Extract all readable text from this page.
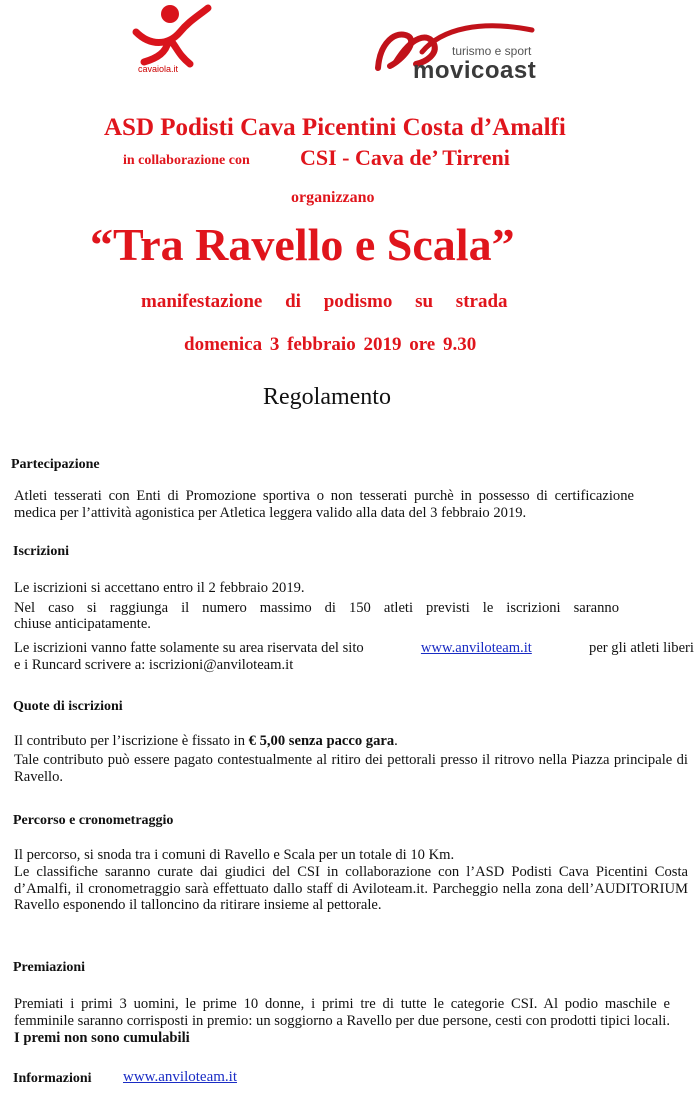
cavaiola.it
turismo e sport
movicoast
ASD Podisti Cava Picentini Costa d’Amalfi
in collaborazione con CSI - Cava de’ Tirreni
organizzano
“Tra Ravello e Scala”
manifestazione di podismo su strada
domenica 3 febbraio 2019 ore 9.30
Regolamento
Partecipazione
Atleti tesserati con Enti di Promozione sportiva o non tesserati purchè in possesso di certificazione medica per l’attività agonistica per Atletica leggera valido alla data del 3 febbraio 2019.
Iscrizioni
Le iscrizioni si accettano entro il 2 febbraio 2019.
Nel caso si raggiunga il numero massimo di 150 atleti previsti le iscrizioni saranno
chiuse anticipatamente.
Le iscrizioni vanno fatte solamente su area riservata del sito	www.anviloteam.it	per gli atleti liberi
e i Runcard scrivere a: iscrizioni@anviloteam.it
Quote di iscrizioni
Il contributo per l’iscrizione è fissato in € 5,00 senza pacco gara.
Tale contributo può essere pagato contestualmente al ritiro dei pettorali presso il ritrovo nella Piazza principale di Ravello.
Percorso e cronometraggio
Il percorso, si snoda tra i comuni di Ravello e Scala per un totale di 10 Km.
Le classifiche saranno curate dai giudici del CSI in collaborazione con l’ASD Podisti Cava Picentini Costa d’Amalfi, il cronometraggio sarà effettuato dallo staff di Aviloteam.it. Parcheggio nella zona dell’AUDITORIUM Ravello esponendo il talloncino da ritirare insieme al pettorale.
Premiazioni
Premiati i primi 3 uomini, le prime 10 donne, i primi tre di tutte le categorie CSI. Al podio maschile e femminile saranno corrisposti in premio: un soggiorno a Ravello per due persone, cesti con prodotti tipici locali. I premi non sono cumulabili
Informazioni www.anviloteam.it
